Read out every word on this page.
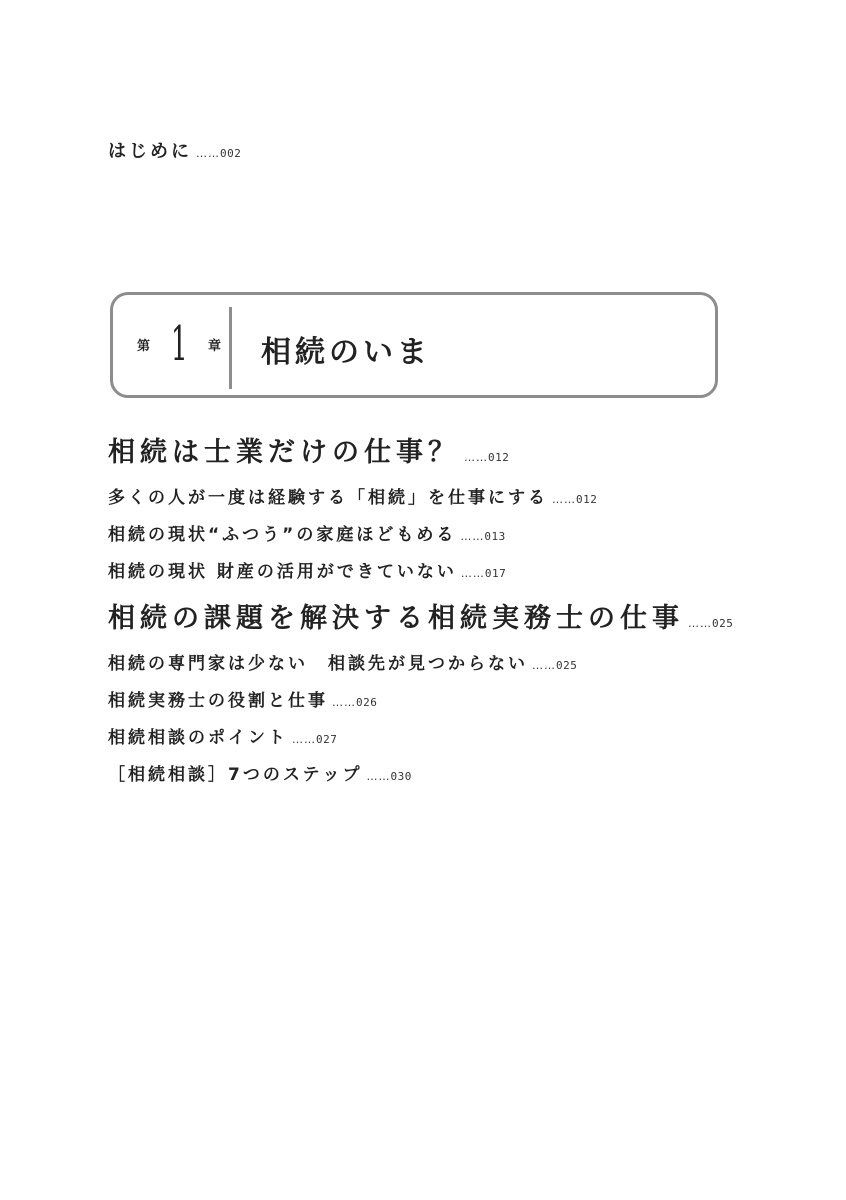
はじめに ……002
第 1 章 相続のいま
相続は士業だけの仕事？ ……012
多くの人が一度は経験する「相続」を仕事にする ……012
相続の現状“ふつう”の家庭ほどもめる ……013
相続の現状 財産の活用ができていない ……017
相続の課題を解決する相続実務士の仕事 ……025
相続の専門家は少ない　相談先が見つからない ……025
相続実務士の役割と仕事 ……026
相続相談のポイント ……027
［相続相談］7つのステップ ……030
